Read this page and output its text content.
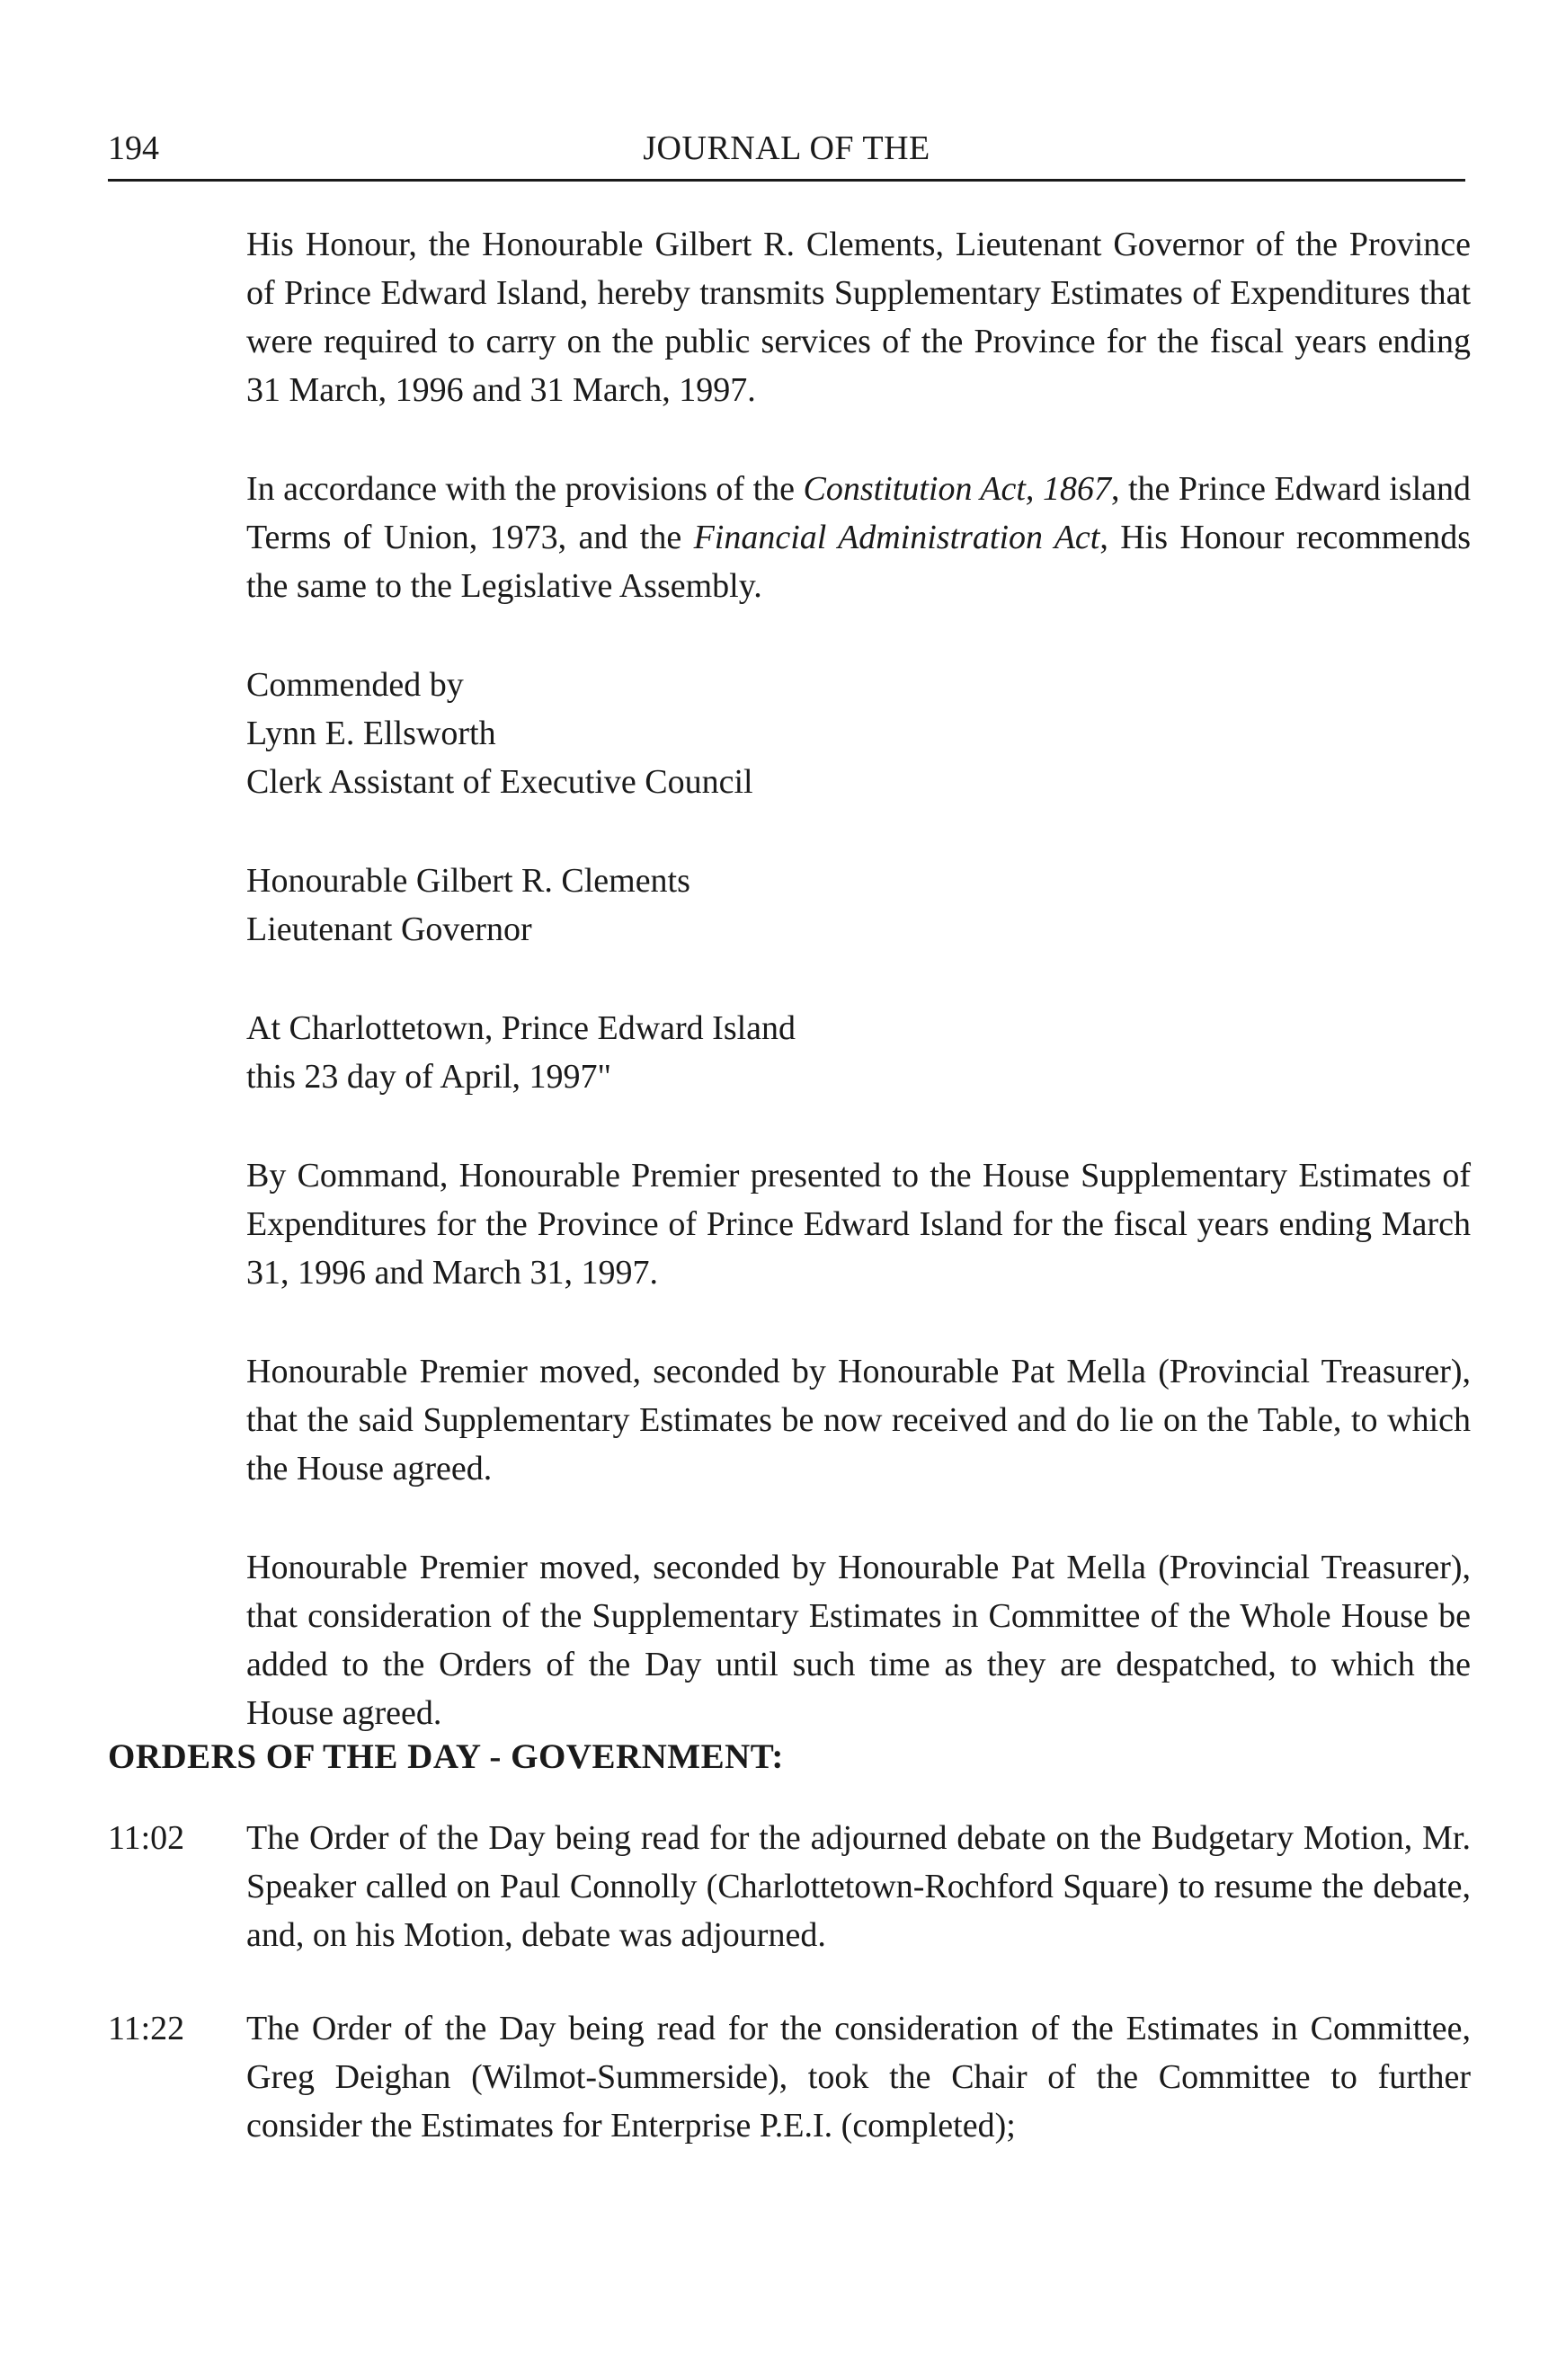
194	JOURNAL OF THE

His Honour, the Honourable Gilbert R. Clements, Lieutenant Governor of the Province of Prince Edward Island, hereby transmits Supplementary Estimates of Expenditures that were required to carry on the public services of the Province for the fiscal years ending 31 March, 1996 and 31 March, 1997.

In accordance with the provisions of the Constitution Act, 1867, the Prince Edward island Terms of Union, 1973, and the Financial Administration Act, His Honour recommends the same to the Legislative Assembly.

Commended by
Lynn E. Ellsworth
Clerk Assistant of Executive Council

Honourable Gilbert R. Clements
Lieutenant Governor

At Charlottetown, Prince Edward Island
this 23 day of April, 1997"

By Command, Honourable Premier presented to the House Supplementary Estimates of Expenditures for the Province of Prince Edward Island for the fiscal years ending March 31, 1996 and March 31, 1997.

Honourable Premier moved, seconded by Honourable Pat Mella (Provincial Treasurer), that the said Supplementary Estimates be now received and do lie on the Table, to which the House agreed.

Honourable Premier moved, seconded by Honourable Pat Mella (Provincial Treasurer), that consideration of the Supplementary Estimates in Committee of the Whole House be added to the Orders of the Day until such time as they are despatched, to which the House agreed.

ORDERS OF THE DAY - GOVERNMENT:
11:02	The Order of the Day being read for the adjourned debate on the Budgetary Motion, Mr. Speaker called on Paul Connolly (Charlottetown-Rochford Square) to resume the debate, and, on his Motion, debate was adjourned.
11:22	The Order of the Day being read for the consideration of the Estimates in Committee, Greg Deighan (Wilmot-Summerside), took the Chair of the Committee to further consider the Estimates for Enterprise P.E.I. (completed);
